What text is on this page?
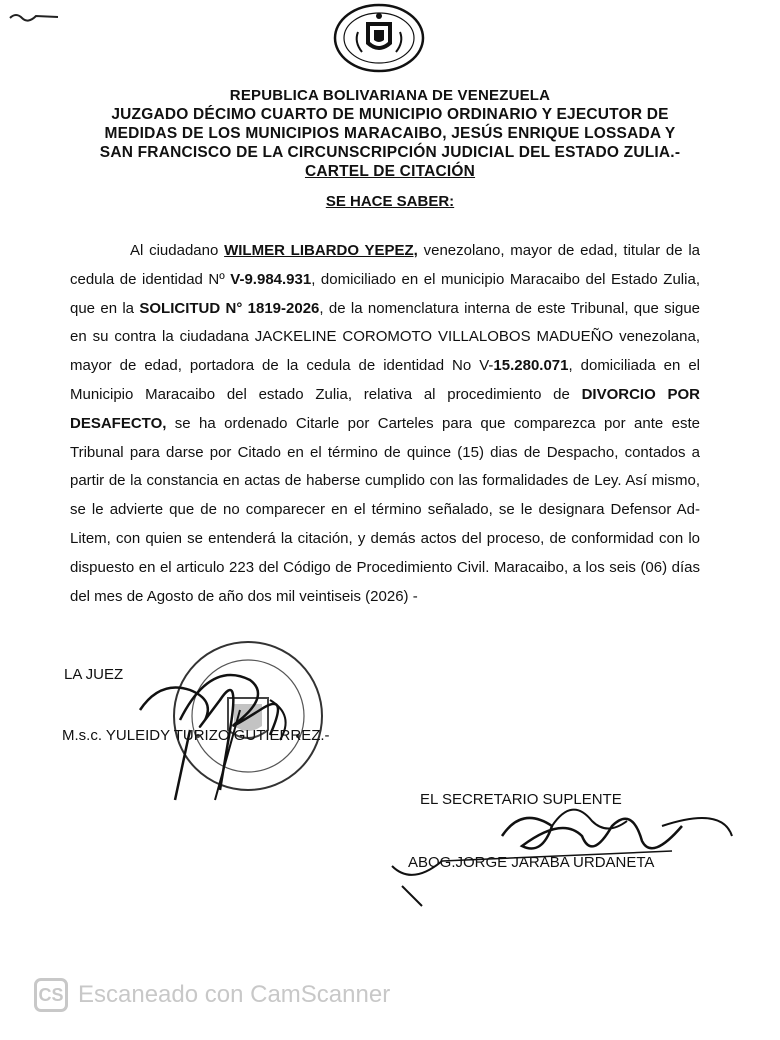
REPUBLICA BOLIVARIANA DE VENEZUELA
JUZGADO DÉCIMO CUARTO DE MUNICIPIO ORDINARIO Y EJECUTOR DE
MEDIDAS DE LOS MUNICIPIOS MARACAIBO, JESÚS ENRIQUE LOSSADA Y
SAN FRANCISCO DE LA CIRCUNSCRIPCIÓN JUDICIAL DEL ESTADO ZULIA.-
CARTEL DE CITACIÓN
SE HACE SABER:

Al ciudadano WILMER LIBARDO YEPEZ, venezolano, mayor de edad, titular de la cedula de identidad Nº V-9.984.931, domiciliado en el municipio Maracaibo del Estado Zulia, que en la SOLICITUD N° 1819-2026, de la nomenclatura interna de este Tribunal, que sigue en su contra la ciudadana JACKELINE COROMOTO VILLALOBOS MADUEÑO venezolana, mayor de edad, portadora de la cedula de identidad No V-15.280.071, domiciliada en el Municipio Maracaibo del estado Zulia, relativa al procedimiento de DIVORCIO POR DESAFECTO, se ha ordenado Citarle por Carteles para que comparezca por ante este Tribunal para darse por Citado en el término de quince (15) dias de Despacho, contados a partir de la constancia en actas de haberse cumplido con las formalidades de Ley. Así mismo, se le advierte que de no comparecer en el término señalado, se le designara Defensor Ad-Litem, con quien se entenderá la citación, y demás actos del proceso, de conformidad con lo dispuesto en el articulo 223 del Código de Procedimiento Civil. Maracaibo, a los seis (06) días del mes de Agosto de año dos mil veintiseis (2026) -

LA JUEZ
M.s.c. YULEIDY TURIZO GUTIERREZ.-
EL SECRETARIO SUPLENTE
ABOG.JORGE JARABA URDANETA
CS Escaneado con CamScanner
